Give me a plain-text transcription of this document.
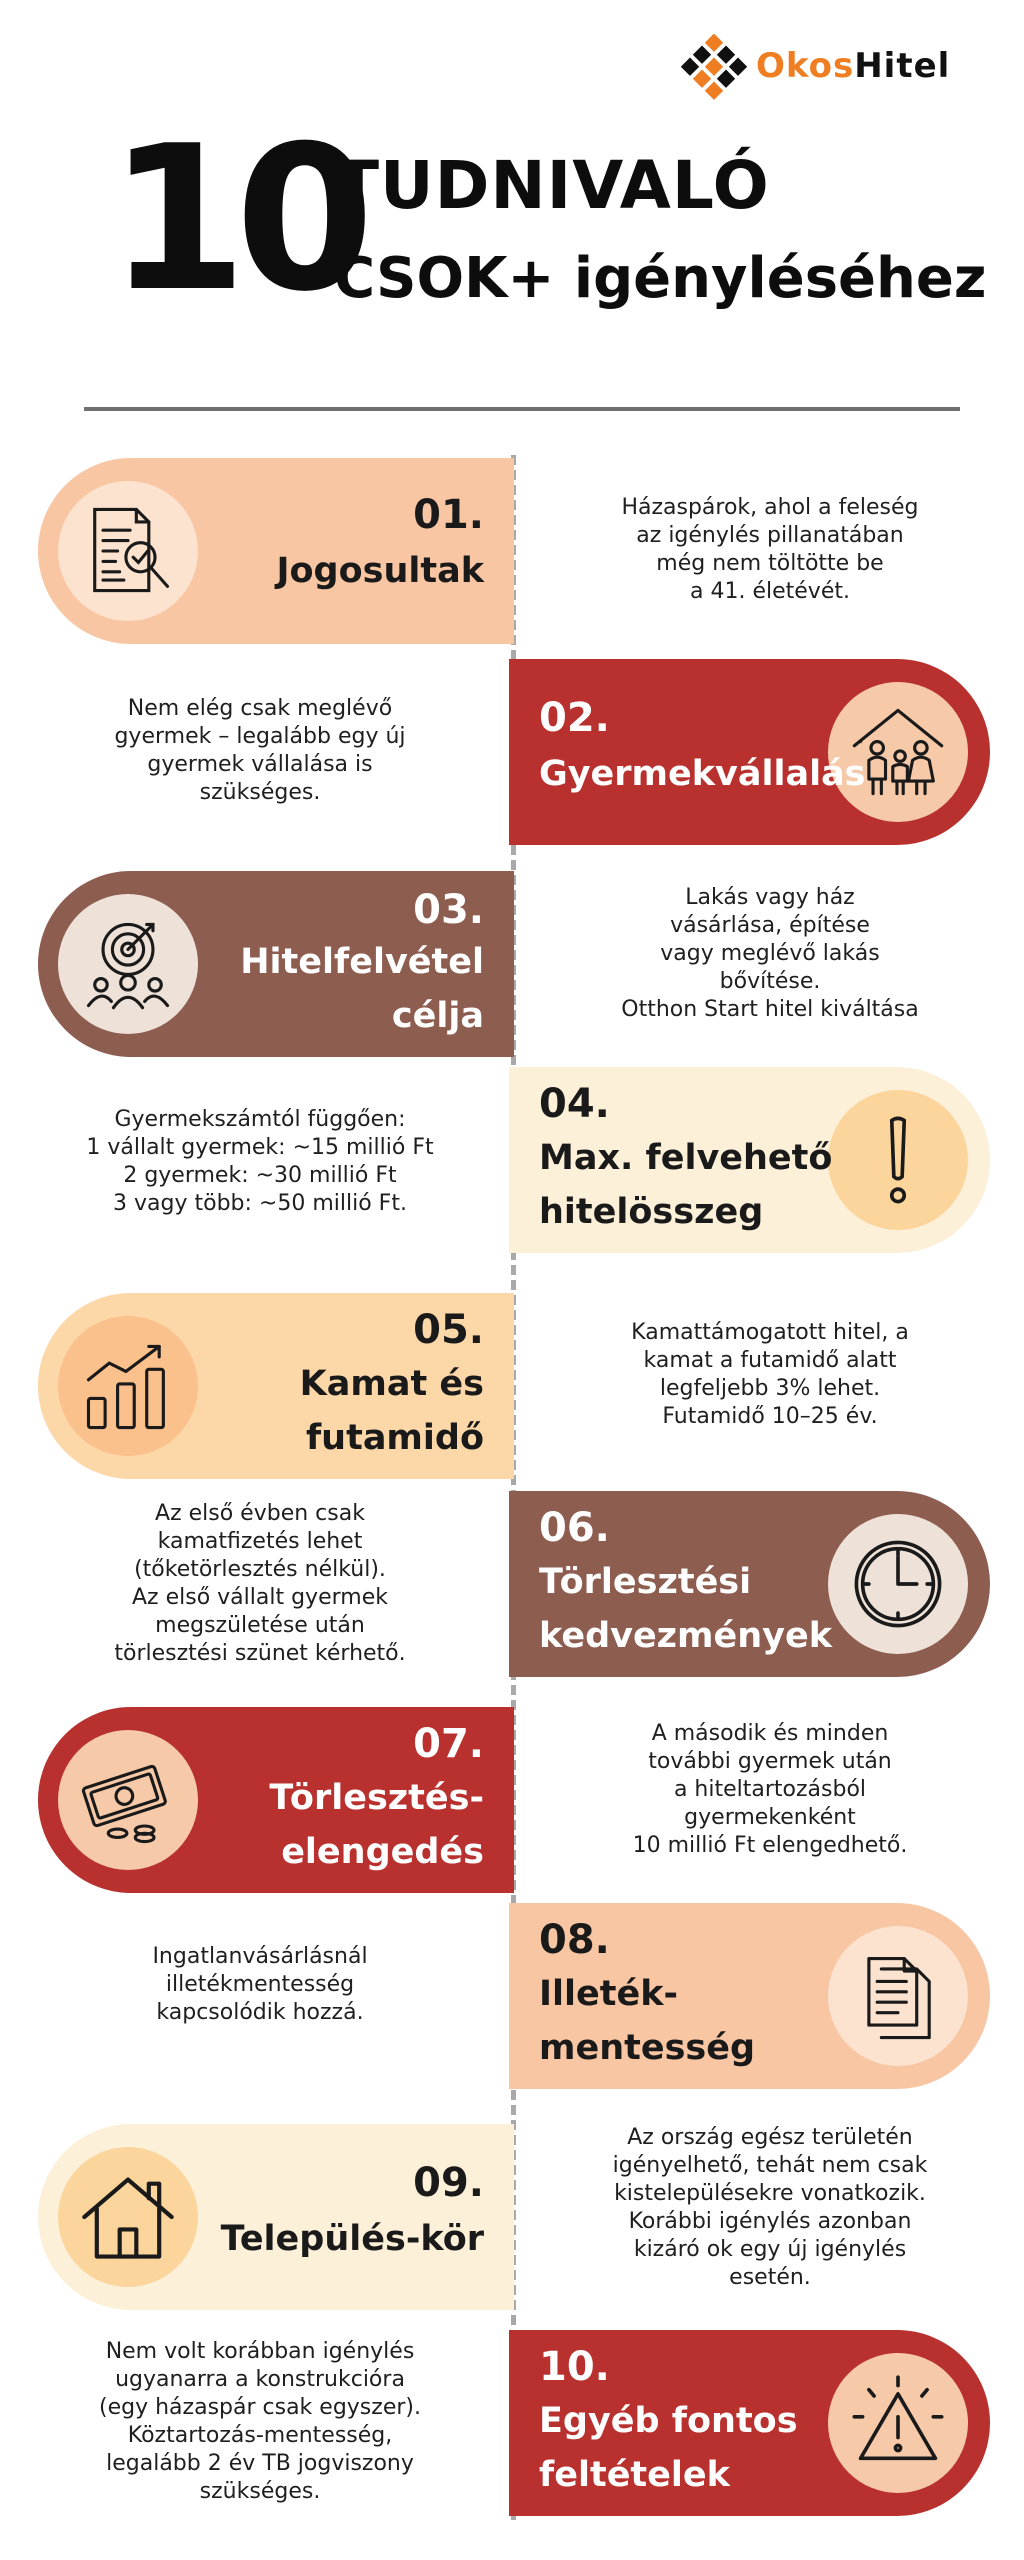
OkosHitel
10
TUDNIVALÓ
CSOK+ igényléséhez
01.
Jogosultak
Házaspárok, ahol a feleség
az igénylés pillanatában
még nem töltötte be
a 41. életévét.
02.
Gyermekvállalás
Nem elég csak meglévő
gyermek – legalább egy új
gyermek vállalása is
szükséges.
03.
Hitelfelvétel
célja
Lakás vagy ház
vásárlása, építése
vagy meglévő lakás
bővítése.
Otthon Start hitel kiváltása
04.
Max. felvehető
hitelösszeg
Gyermekszámtól függően:
1 vállalt gyermek: ~15 millió Ft
2 gyermek: ~30 millió Ft
3 vagy több: ~50 millió Ft.
05.
Kamat és
futamidő
Kamattámogatott hitel, a
kamat a futamidő alatt
legfeljebb 3% lehet.
Futamidő 10–25 év.
06.
Törlesztési
kedvezmények
Az első évben csak
kamatfizetés lehet
(tőketörlesztés nélkül).
Az első vállalt gyermek
megszületése után
törlesztési szünet kérhető.
07.
Törlesztés-
elengedés
A második és minden
további gyermek után
a hiteltartozásból
gyermekenként
10 millió Ft elengedhető.
08.
Illeték-
mentesség
Ingatlanvásárlásnál
illetékmentesség
kapcsolódik hozzá.
09.
Település-kör
Az ország egész területén
igényelhető, tehát nem csak
kistelepülésekre vonatkozik.
Korábbi igénylés azonban
kizáró ok egy új igénylés
esetén.
10.
Egyéb fontos
feltételek
Nem volt korábban igénylés
ugyanarra a konstrukcióra
(egy házaspár csak egyszer).
Köztartozás-mentesség,
legalább 2 év TB jogviszony
szükséges.
